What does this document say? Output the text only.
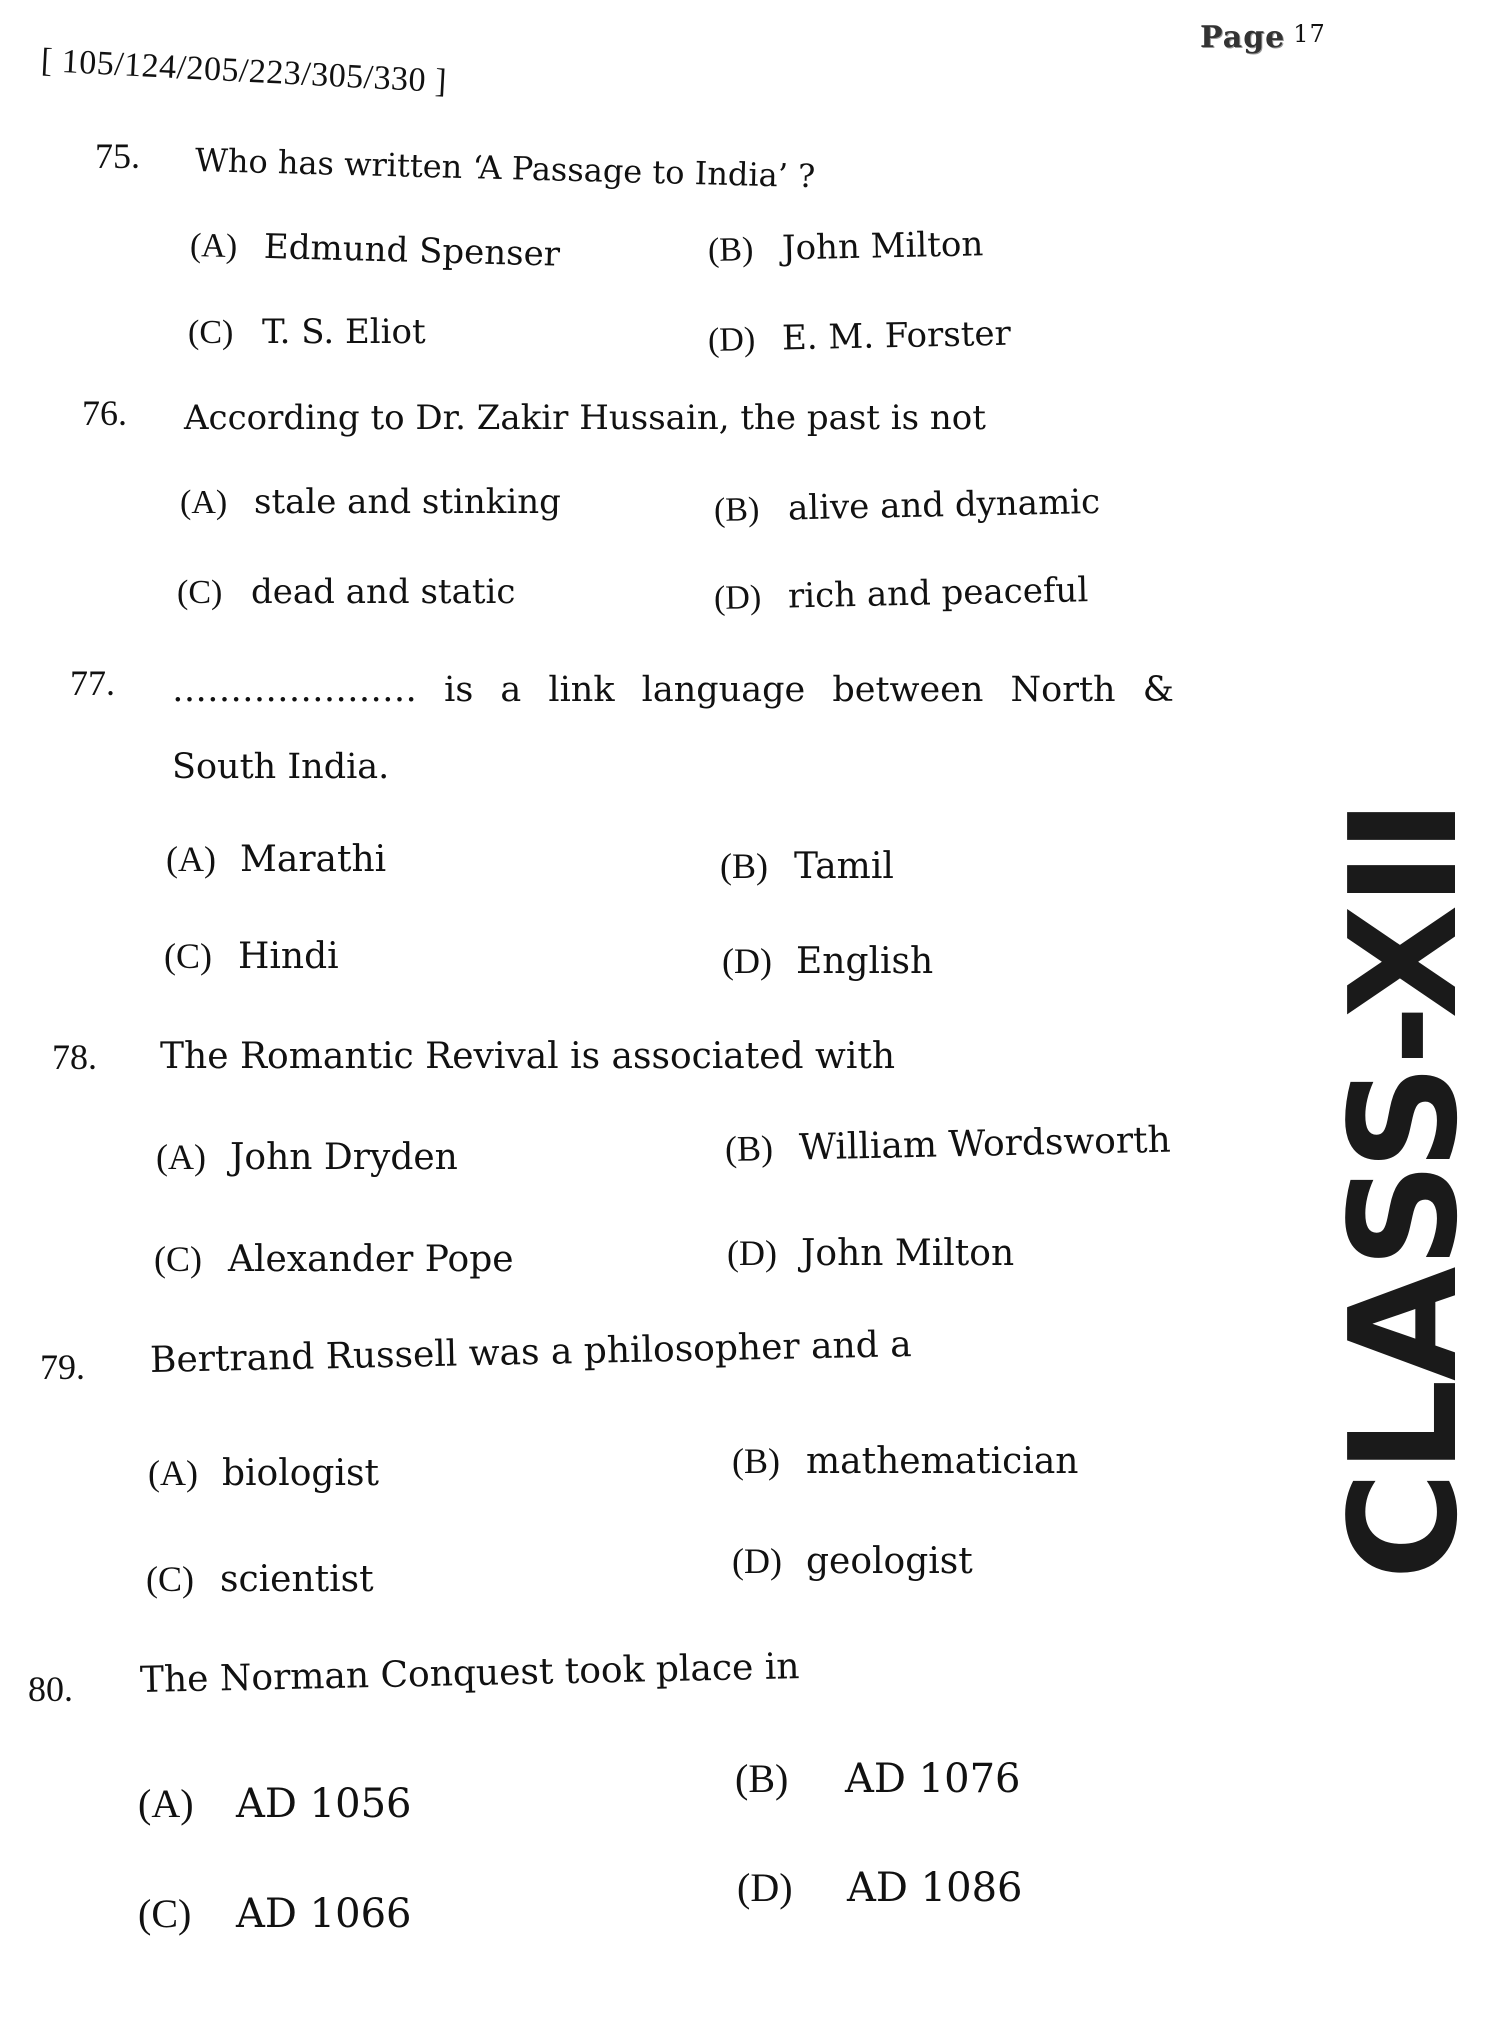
[ 105/124/205/223/305/330 ]
Page $^{17}$
CLASS-XII
75. Who has written ‘A Passage to India’ ?
(A) Edmund Spenser	(B) John Milton
(C) T. S. Eliot	(D) E. M. Forster
76. According to Dr. Zakir Hussain, the past is not
(A) stale and stinking	(B) alive and dynamic
(C) dead and static	(D) rich and peaceful
77. ………………… is a link language between North &
South India.
(A) Marathi	(B) Tamil
(C) Hindi	(D) English
78. The Romantic Revival is associated with
(A) John Dryden	(B) William Wordsworth
(C) Alexander Pope	(D) John Milton
79. Bertrand Russell was a philosopher and a
(A) biologist	(B) mathematician
(C) scientist	(D) geologist
80. The Norman Conquest took place in
(A) AD 1056
(B) AD 1076
(C) AD 1066
(D) AD 1086
